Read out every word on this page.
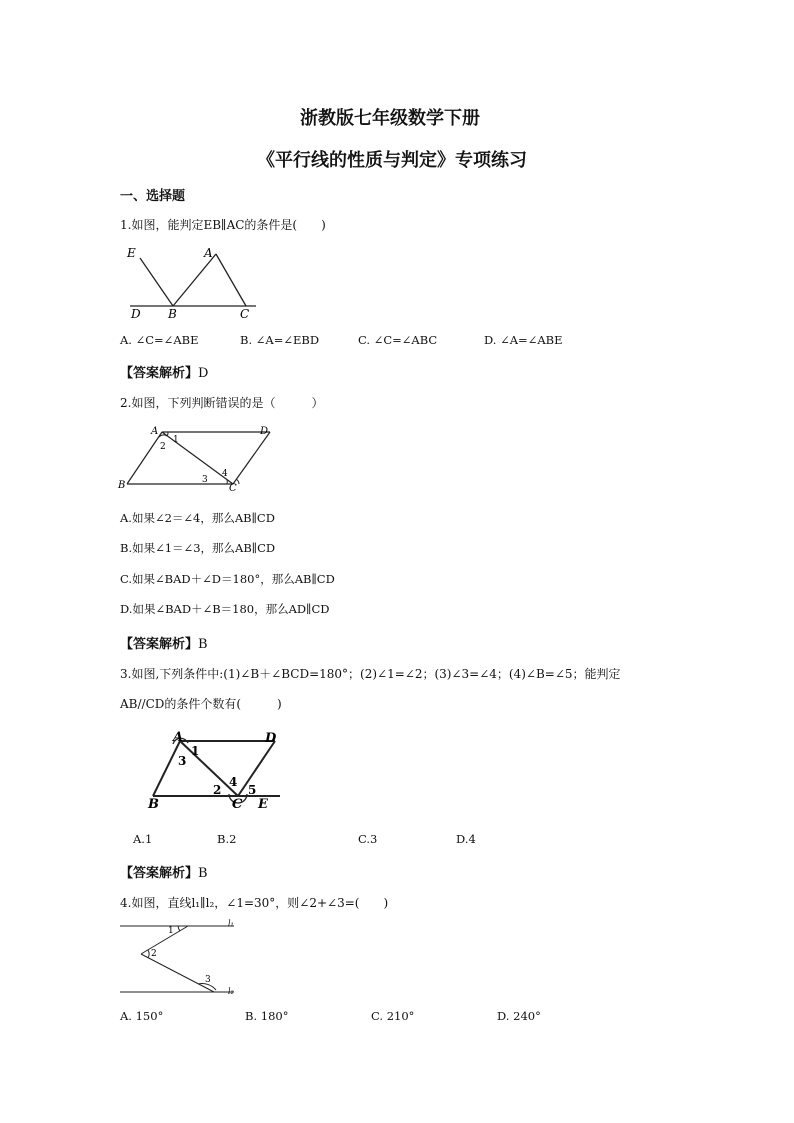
浙教版七年级数学下册
《平行线的性质与判定》专项练习
一、选择题
1.如图，能判定EB∥AC的条件是(　　)
E	A
D B	C
A. ∠C=∠ABE	B. ∠A=∠EBD	C. ∠C=∠ABC	D. ∠A=∠ABE
【答案解析】D
2.如图，下列判断错误的是（　　　）
A
1
D
2
4
B	3
C
A.如果∠2＝∠4，那么AB∥CD
B.如果∠1＝∠3，那么AB∥CD
C.如果∠BAD＋∠D＝180°，那么AB∥CD
D.如果∠BAD＋∠B＝180，那么AD∥CD
【答案解析】B
3.如图,下列条件中:(1)∠B＋∠BCD=180°；(2)∠1=∠2；(3)∠3=∠4；(4)∠B=∠5；能判定
AB//CD的条件个数有(　　　)
A
1
D
3
4
2 5
B	C E
A.1	B.2	C.3	D.4
【答案解析】B
4.如图，直线l₁∥l₂，∠1=30°，则∠2+∠3=(　　)
l₁
1
2
3
l₂
A. 150°	B. 180°	C. 210°	D. 240°
